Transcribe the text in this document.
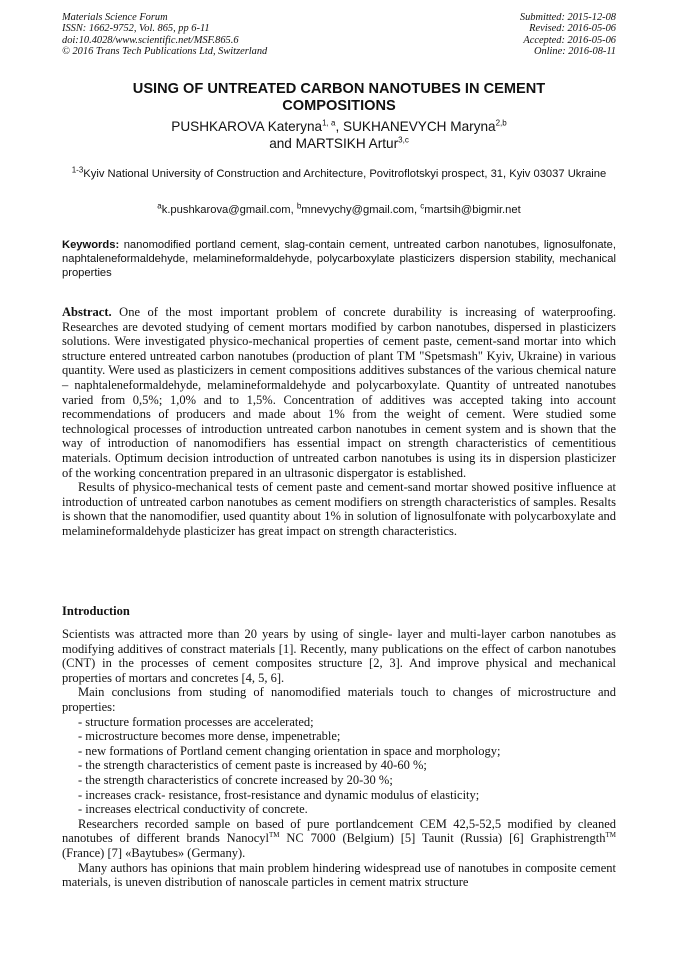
Materials Science Forum
ISSN: 1662-9752, Vol. 865, pp 6-11
doi:10.4028/www.scientific.net/MSF.865.6
© 2016 Trans Tech Publications Ltd, Switzerland
Submitted: 2015-12-08
Revised: 2016-05-06
Accepted: 2016-05-06
Online: 2016-08-11
USING OF UNTREATED CARBON NANOTUBES IN CEMENT
COMPOSITIONS
PUSHKAROVA Kateryna$^{1, a}$, SUKHANEVYCH Maryna$^{2,b}$
and MARTSIKH Artur$^{3,c}$
$^{1-3}$Kyiv National University of Construction and Architecture, Povitroflotskyi prospect, 31, Kyiv 03037 Ukraine
$^a$k.pushkarova@gmail.com, $^b$mnevychy@gmail.com, $^c$martsih@bigmir.net
Keywords: nanomodified portland cement, slag-contain cement, untreated carbon nanotubes, lignosulfonate, naphtaleneformaldehyde, melamineformaldehyde, polycarboxylate plasticizers dispersion stability, mechanical properties

Abstract. One of the most important problem of concrete durability is increasing of waterproofing. Researches are devoted studying of cement mortars modified by carbon nanotubes, dispersed in plasticizers solutions. Were investigated physico-mechanical properties of cement paste, cement-sand mortar into which structure entered untreated carbon nanotubes (production of plant TM "Spetsmash" Kyiv, Ukraine) in various quantity. Were used as plasticizers in cement compositions additives substances of the various chemical nature – naphtaleneformaldehyde, melamineformaldehyde and polycarboxylate. Quantity of untreated nanotubes varied from 0,5%; 1,0% and to 1,5%. Concentration of additives was accepted taking into account recommendations of producers and made about 1% from the weight of cement. Were studied some technological processes of introduction untreated carbon nanotubes in cement system and is shown that the way of introduction of nanomodifiers has essential impact on strength characteristics of cementitious materials. Optimum decision introduction of untreated carbon nanotubes is using its in dispersion plasticizer of the working concentration prepared in an ultrasonic dispergator is established.

Results of physico-mechanical tests of cement paste and cement-sand mortar showed positive influence at introduction of untreated carbon nanotubes as cement modifiers on strength characteristics of samples. Resalts is shown that the nanomodifier, used quantity about 1% in solution of lignosulfonate with polycarboxylate and melamineformaldehyde plasticizer has great impact on strength characteristics.

Introduction

Scientists was attracted more than 20 years by using of single- layer and multi-layer carbon nanotubes as modifying additives of constract materials [1]. Recently, many publications on the effect of carbon nanotubes (CNT) in the processes of cement composites structure [2, 3]. And improve physical and mechanical properties of mortars and concretes [4, 5, 6].

Main conclusions from studing of nanomodified materials touch to changes of microstructure and properties:

- structure formation processes are accelerated;
- microstructure becomes more dense, impenetrable;
- new formations of Portland cement changing orientation in space and morphology;
- the strength characteristics of cement paste is increased by 40-60 %;
- the strength characteristics of concrete increased by 20-30 %;
- increases crack- resistance, frost-resistance and dynamic modulus of elasticity;
- increases electrical conductivity of concrete.

Researchers recorded sample on based of pure portlandcement CEM 42,5-52,5 modified by cleaned nanotubes of different brands Nanocyl™ NC 7000 (Belgium) [5] Taunit (Russia) [6] Graphistrength™ (France) [7] «Baytubes» (Germany).

Many authors has opinions that main problem hindering widespread use of nanotubes in composite cement materials, is uneven distribution of nanoscale particles in cement matrix structure
